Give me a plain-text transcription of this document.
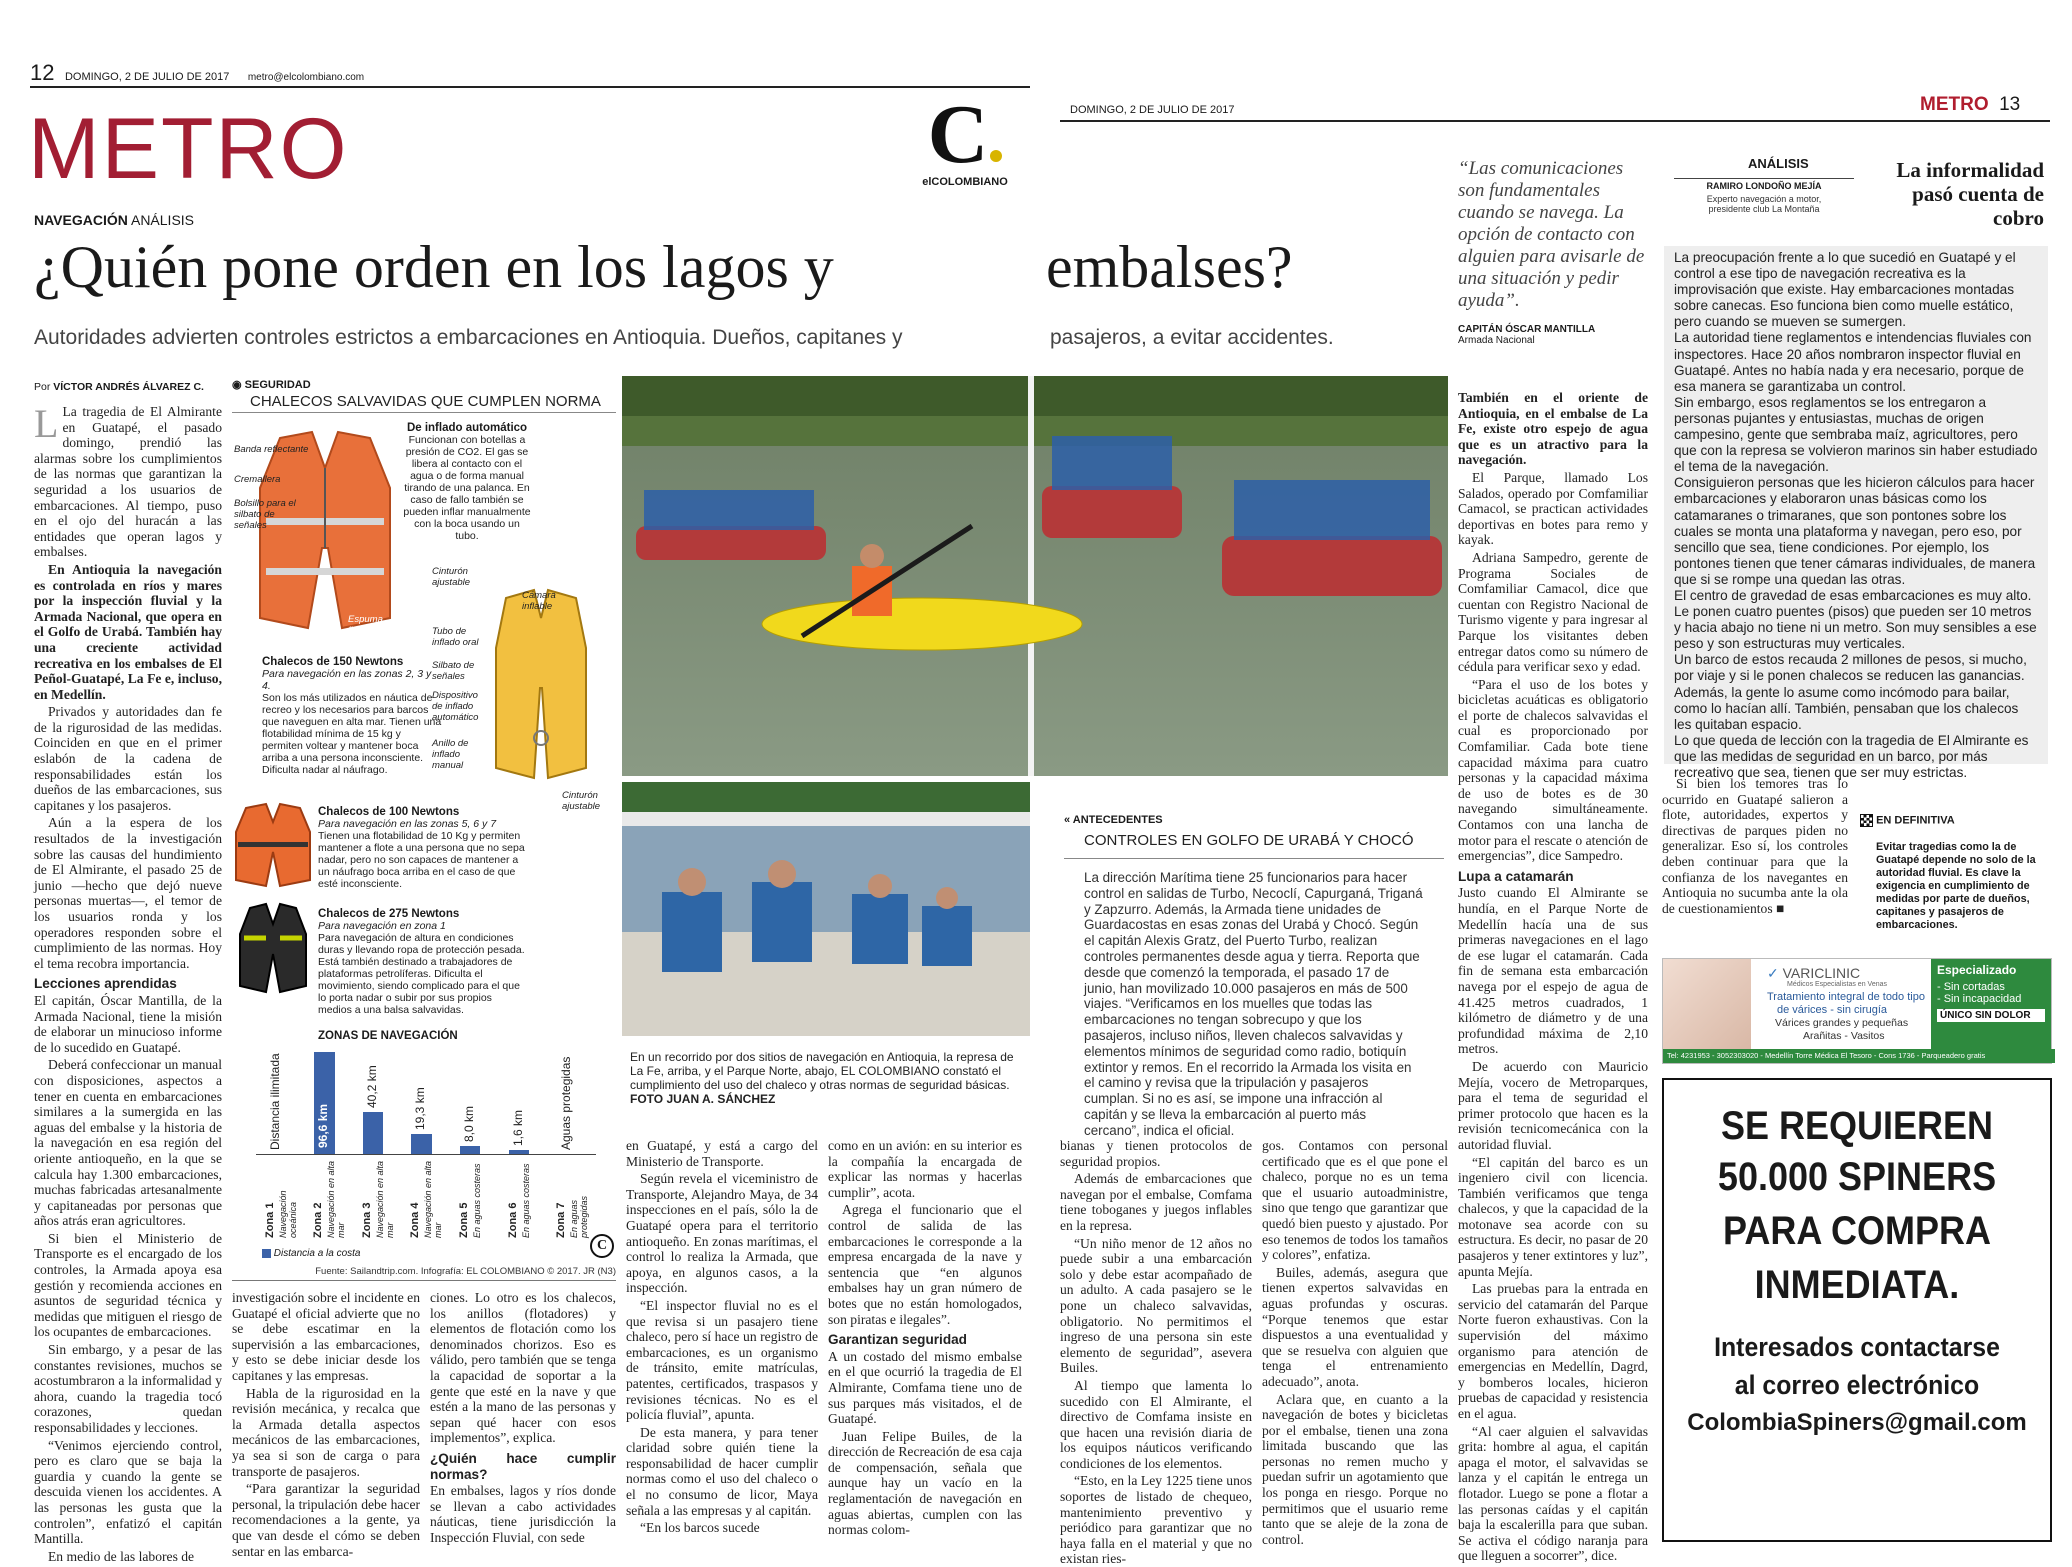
12 DOMINGO, 2 DE JULIO DE 2017 metro@elcolombiano.com
DOMINGO, 2 DE JULIO DE 2017	METRO 13
C
elCOLOMBIANO
METRO
NAVEGACIÓN ANÁLISIS
¿Quién pone orden en los lagos y	embalses?
Autoridades advierten controles estrictos a embarcaciones en Antioquia. Dueños, capitanes y	pasajeros, a evitar accidentes.
Por VÍCTOR ANDRÉS ÁLVAREZ C.

L La tragedia de El Almirante en Guatapé, el pasado domingo, prendió las alarmas sobre los cumplimientos de las normas que garantizan la seguridad a los usuarios de embarcaciones. Al tiempo, puso en el ojo del huracán a las entidades que operan lagos y embalses.

En Antioquia la navegación es controlada en ríos y mares por la inspección fluvial y la Armada Nacional, que opera en el Golfo de Urabá. También hay una creciente actividad recreativa en los embalses de El Peñol-Guatapé, La Fe e, incluso, en Medellín.

Privados y autoridades dan fe de la rigurosidad de las medidas. Coinciden en que en el primer eslabón de la cadena de responsabilidades están los dueños de las embarcaciones, sus capitanes y los pasajeros.

Aún a la espera de los resultados de la investigación sobre las causas del hundimiento de El Almirante, el pasado 25 de junio —hecho que dejó nueve personas muertas—, el temor de los usuarios ronda y los operadores responden sobre el cumplimiento de las normas. Hoy el tema recobra importancia.

Lecciones aprendidas

El capitán, Óscar Mantilla, de la Armada Nacional, tiene la misión de elaborar un minucioso informe de lo sucedido en Guatapé.

Deberá confeccionar un manual con disposiciones, aspectos a tener en cuenta en embarcaciones similares a la sumergida en las aguas del embalse y la historia de la navegación en esa región del oriente antioqueño, en la que se calcula hay 1.300 embarcaciones, muchas fabricadas artesanalmente y capitaneadas por personas que años atrás eran agricultores.

Si bien el Ministerio de Transporte es el encargado de los controles, la Armada apoya esa gestión y recomienda acciones en asuntos de seguridad técnica y medidas que mitiguen el riesgo de los ocupantes de embarcaciones.

Sin embargo, y a pesar de las constantes revisiones, muchos se acostumbraron a la informalidad y ahora, cuando la tragedia tocó corazones, quedan responsabilidades y lecciones.

“Venimos ejerciendo control, pero es claro que se baja la guardia y cuando la gente se descuida vienen los accidentes. A las personas les gusta que la controlen”, enfatizó el capitán Mantilla.

En medio de las labores de

◉ SEGURIDAD
CHALECOS SALVAVIDAS QUE CUMPLEN NORMA
Banda reflectante
Cremallera
Bolsillo para el silbato de señales
Espuma flotante
De inflado automático
Funcionan con botellas a presión de CO2. El gas se libera al contacto con el agua o de forma manual tirando de una palanca. En caso de fallo también se pueden inflar manualmente con la boca usando un tubo.
Cámara inflable
Cinturón ajustable
Tubo de inflado oral
Silbato de señales
Dispositivo de inflado automático
Anillo de inflado manual
Cinturón ajustable
Chalecos de 150 Newtons
Para navegación en las zonas 2, 3 y 4.
Son los más utilizados en náutica de recreo y los necesarios para barcos que naveguen en alta mar. Tienen una flotabilidad mínima de 15 kg y permiten voltear y mantener boca arriba a una persona inconsciente. Dificulta nadar al náufrago.
Chalecos de 100 Newtons
Para navegación en las zonas 5, 6 y 7
Tienen una flotabilidad de 10 Kg y permiten mantener a flote a una persona que no sepa nadar, pero no son capaces de mantener a un náufrago boca arriba en el caso de que esté inconsciente.
Chalecos de 275 Newtons
Para navegación en zona 1
Para navegación de altura en condiciones duras y llevando ropa de protección pesada. Está también destinado a trabajadores de plataformas petrolíferas. Dificulta el movimiento, siendo complicado para el que lo porta nadar o subir por sus propios medios a una balsa salvavidas.
ZONAS DE NAVEGACIÓN
Distancia ilimitada	96,6 km
40,2 km
19,3 km	8,0 km	1,6 km	Aguas protegidas
Zona 1 Navegación oceánica Zona 2 Navegación en alta mar Zona 3 Navegación en alta mar Zona 4 Navegación en alta mar Zona 5 En aguas costeras Zona 6 En aguas costeras Zona 7 En aguas protegidas
Distancia a la costa
C
Fuente: Sailandtrip.com. Infografía: EL COLOMBIANO © 2017. JR (N3)
En un recorrido por dos sitios de navegación en Antioquia, la represa de La Fe, arriba, y el Parque Norte, abajo, EL COLOMBIANO constató el cumplimiento del uso del chaleco y otras normas de seguridad básicas. FOTO JUAN A. SÁNCHEZ

investigación sobre el incidente en Guatapé el oficial advierte que no se debe escatimar en la supervisión a las embarcaciones, y esto se debe iniciar desde los capitanes y las empresas.

Habla de la rigurosidad en la revisión mecánica, y recalca que la Armada detalla aspectos mecánicos de las embarcaciones, ya sea si son de carga o para transporte de pasajeros.

“Para garantizar la seguridad personal, la tripulación debe hacer recomendaciones a la gente, ya que van desde el cómo se deben sentar en las embarca-

ciones. Lo otro es los chalecos, los anillos (flotadores) y elementos de flotación como los denominados chorizos. Eso es válido, pero también que se tenga la capacidad de soportar a la gente que esté en la nave y que estén a la mano de las personas y sepan qué hacer con esos implementos”, explica.

¿Quién hace cumplir normas?

En embalses, lagos y ríos donde se llevan a cabo actividades náuticas, tiene jurisdicción la Inspección Fluvial, con sede

en Guatapé, y está a cargo del Ministerio de Transporte.

Según revela el viceministro de Transporte, Alejandro Maya, de 34 inspecciones en el país, sólo la de Guatapé opera para el territorio antioqueño. En zonas marítimas, el control lo realiza la Armada, que apoya, en algunos casos, a la inspección.

“El inspector fluvial no es el que revisa si un pasajero tiene chaleco, pero sí hace un registro de embarcaciones, es un organismo de tránsito, emite matrículas, patentes, certificados, traspasos y revisiones técnicas. No es el policía fluvial”, apunta.

De esta manera, y para tener claridad sobre quién tiene la responsabilidad de hacer cumplir normas como el uso del chaleco o el no consumo de licor, Maya señala a las empresas y al capitán.

“En los barcos sucede

como en un avión: en su interior es la compañía la encargada de explicar las normas y hacerlas cumplir”, acota.

Agrega el funcionario que el control de salida de las embarcaciones le corresponde a la empresa encargada de la nave y sentencia que “en algunos embalses hay un gran número de botes que no están homologados, son piratas e ilegales”.

Garantizan seguridad

A un costado del mismo embalse en el que ocurrió la tragedia de El Almirante, Comfama tiene uno de sus parques más visitados, el de Guatapé.

Juan Felipe Builes, de la dirección de Recreación de esa caja de compensación, señala que aunque hay un vacío en la reglamentación de navegación en aguas abiertas, cumplen con las normas colom-

« ANTECEDENTES
CONTROLES EN GOLFO DE URABÁ Y CHOCÓ
La dirección Marítima tiene 25 funcionarios para hacer control en salidas de Turbo, Necoclí, Capurganá, Triganá y Zapzurro. Además, la Armada tiene unidades de Guardacostas en esas zonas del Urabá y Chocó. Según el capitán Alexis Gratz, del Puerto Turbo, realizan controles permanentes desde agua y tierra. Reporta que desde que comenzó la temporada, el pasado 17 de junio, han movilizado 10.000 pasajeros en más de 500 viajes. “Verificamos en los muelles que todas las embarcaciones no tengan sobrecupo y que los pasajeros, incluso niños, lleven chalecos salvavidas y elementos mínimos de seguridad como radio, botiquín extintor y remos. En el recorrido la Armada los visita en el camino y revisa que la tripulación y pasajeros cumplan. Si no es así, se impone una infracción al capitán y se lleva la embarcación al puerto más cercano”, indica el oficial.

bianas y tienen protocolos de seguridad propios.

Además de embarcaciones que navegan por el embalse, Comfama tiene toboganes y juegos inflables en la represa.

“Un niño menor de 12 años no puede subir a una embarcación solo y debe estar acompañado de un adulto. A cada pasajero se le pone un chaleco salvavidas, obligatorio. No permitimos el ingreso de una persona sin este elemento de seguridad”, asevera Builes.

Al tiempo que lamenta lo sucedido con El Almirante, el directivo de Comfama insiste en que hacen una revisión diaria de los equipos náuticos verificando condiciones de los elementos.

“Esto, en la Ley 1225 tiene unos soportes de listado de chequeo, mantenimiento preventivo y periódico para garantizar que no haya falla en el material y que no existan ries-

gos. Contamos con personal certificado que es el que pone el chaleco, porque no es un tema que el usuario autoadministre, sino que tengo que garantizar que quedó bien puesto y ajustado. Por eso tenemos de todos los tamaños y colores”, enfatiza.

Builes, además, asegura que tienen expertos salvavidas en aguas profundas y oscuras. “Porque tenemos que estar dispuestos a una eventualidad y que se resuelva con alguien que tenga el entrenamiento adecuado”, anota.

Aclara que, en cuanto a la navegación de botes y bicicletas por el embalse, tienen una zona limitada buscando que las personas no remen mucho y puedan sufrir un agotamiento que los ponga en riesgo. Porque no permitimos que el usuario reme tanto que se aleje de la zona de control.

“Las comunicaciones son fundamentales cuando se navega. La opción de contacto con alguien para avisarle de una situación y pedir ayuda”.
CAPITÁN ÓSCAR MANTILLA
Armada Nacional

También en el oriente de Antioquia, en el embalse de La Fe, existe otro espejo de agua que es un atractivo para la navegación.

El Parque, llamado Los Salados, operado por Comfamiliar Camacol, se practican actividades deportivas en botes para remo y kayak.

Adriana Sampedro, gerente de Programa Sociales de Comfamiliar Camacol, dice que cuentan con Registro Nacional de Turismo vigente y para ingresar al Parque los visitantes deben entregar datos como su número de cédula para verificar sexo y edad.

“Para el uso de los botes y bicicletas acuáticas es obligatorio el porte de chalecos salvavidas el cual es proporcionado por Comfamiliar. Cada bote tiene capacidad máxima para cuatro personas y la capacidad máxima de uso de botes es de 30 navegando simultáneamente. Contamos con una lancha de motor para el rescate o atención de emergencias”, dice Sampedro.

Lupa a catamarán

Justo cuando El Almirante se hundía, en el Parque Norte de Medellín hacía una de sus primeras navegaciones en el lago de ese lugar el catamarán. Cada fin de semana esta embarcación navega por el espejo de agua de 41.425 metros cuadrados, 1 kilómetro de diámetro y de una profundidad máxima de 2,10 metros.

De acuerdo con Mauricio Mejía, vocero de Metroparques, para el tema de seguridad el primer protocolo que hacen es la revisión tecnicomecánica con la autoridad fluvial.

“El capitán del barco es un ingeniero civil con licencia. También verificamos que tenga chalecos, y que la capacidad de la motonave sea acorde con su estructura. Es decir, no pasar de 20 pasajeros y tener extintores y luz”, apunta Mejía.

Las pruebas para la entrada en servicio del catamarán del Parque Norte fueron exhaustivas. Con la supervisión del máximo organismo para atención de emergencias en Medellín, Dagrd, y bomberos locales, hicieron pruebas de capacidad y resistencia en el agua.

“Al caer alguien el salvavidas grita: hombre al agua, el capitán apaga el motor, el salvavidas se lanza y el capitán le entrega un flotador. Luego se pone a flotar a las personas caídas y el capitán baja la escalerilla para que suban. Se activa el código naranja para que lleguen a socorrer”, dice.

ANÁLISIS
RAMIRO LONDOÑO MEJÍA
Experto navegación a motor, presidente club La Montaña
La informalidad pasó cuenta de cobro
La preocupación frente a lo que sucedió en Guatapé y el control a ese tipo de navegación recreativa es la improvisación que existe. Hay embarcaciones montadas sobre canecas. Eso funciona bien como muelle estático, pero cuando se mueven se sumergen.
La autoridad tiene reglamentos e intendencias fluviales con inspectores. Hace 20 años nombraron inspector fluvial en Guatapé. Antes no había nada y era necesario, porque de esa manera se garantizaba un control.
Sin embargo, esos reglamentos se los entregaron a personas pujantes y entusiastas, muchas de origen campesino, gente que sembraba maíz, agricultores, pero que con la represa se volvieron marinos sin haber estudiado el tema de la navegación.
Consiguieron personas que les hicieron cálculos para hacer embarcaciones y elaboraron unas básicas como los catamaranes o trimaranes, que son pontones sobre los cuales se monta una plataforma y navegan, pero eso, por sencillo que sea, tiene condiciones. Por ejemplo, los pontones tienen que tener cámaras individuales, de manera que si se rompe una quedan las otras.
El centro de gravedad de esas embarcaciones es muy alto. Le ponen cuatro puentes (pisos) que pueden ser 10 metros y hacia abajo no tiene ni un metro. Son muy sensibles a ese peso y son estructuras muy verticales.
Un barco de estos recauda 2 millones de pesos, si mucho, por viaje y si le ponen chalecos se reducen las ganancias. Además, la gente lo asume como incómodo para bailar, como lo hacían allí. También, pensaban que los chalecos les quitaban espacio.
Lo que queda de lección con la tragedia de El Almirante es que las medidas de seguridad en un barco, por más recreativo que sea, tienen que ser muy estrictas.

Si bien los temores tras lo ocurrido en Guatapé salieron a flote, autoridades, expertos y directivas de parques piden no generalizar. Eso sí, los controles deben continuar para que la confianza de los navegantes en Antioquia no sucumba ante la ola de cuestionamientos ■

EN DEFINITIVA
Evitar tragedias como la de Guatapé depende no solo de la autoridad fluvial. Es clave la exigencia en cumplimiento de medidas por parte de dueños, capitanes y pasajeros de embarcaciones.
✓ VARICLINIC
Médicos Especialistas en Venas
Tratamiento integral de todo tipo
de várices - sin cirugía
Várices grandes y pequeñas
Arañitas - Vasitos
Especializado
- Sin cortadas
- Sin incapacidad
ÚNICO SIN DOLOR
Tel: 4231953 - 3052303020 - Medellín Torre Médica El Tesoro - Cons 1736 - Parqueadero gratis
SE REQUIEREN
50.000 SPINERS
PARA COMPRA
INMEDIATA.
Interesados contactarse
al correo electrónico
ColombiaSpiners@gmail.com
